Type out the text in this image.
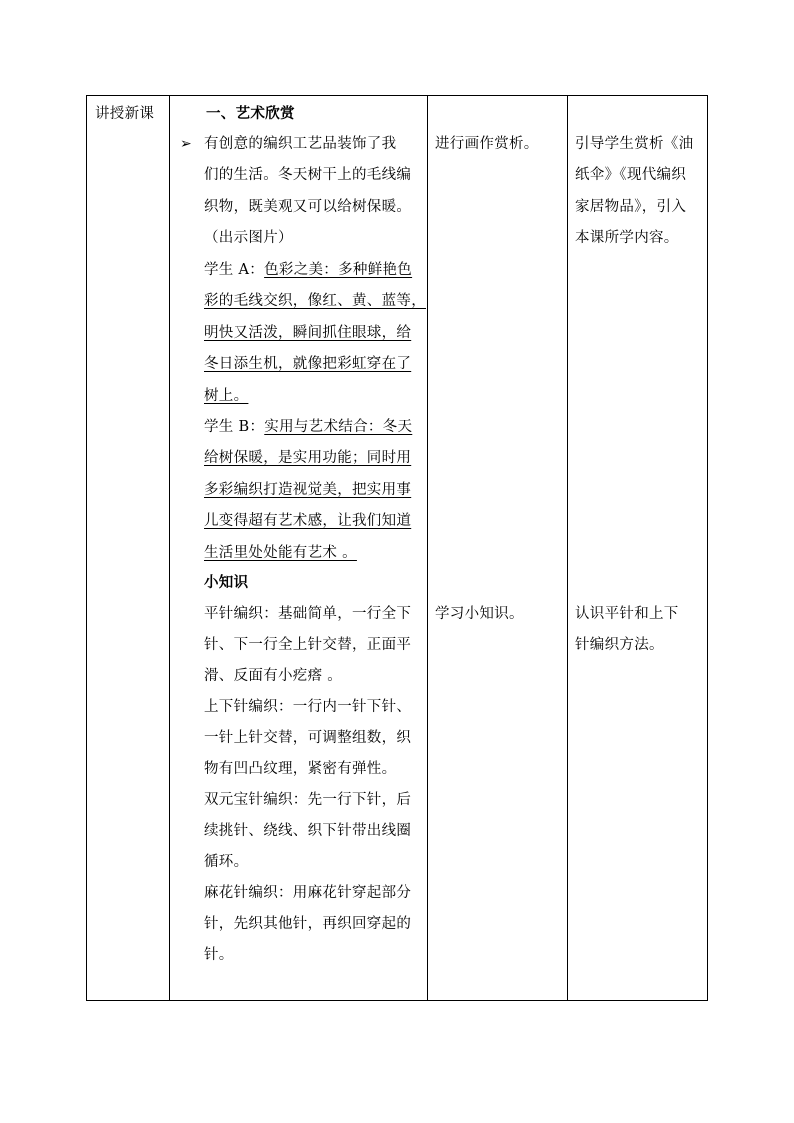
讲授新课	一、艺术欣赏
➢ 有创意的编织工艺品装饰了我
们的生活。冬天树干上的毛线编
织物，既美观又可以给树保暖。
（出示图片）
学生 A：色彩之美：多种鲜艳色
彩的毛线交织，像红、黄、蓝等，
明快又活泼，瞬间抓住眼球，给
冬日添生机，就像把彩虹穿在了
树上。
学生 B：实用与艺术结合：冬天
给树保暖，是实用功能；同时用
多彩编织打造视觉美，把实用事
儿变得超有艺术感，让我们知道
生活里处处能有艺术 。
小知识
平针编织：基础简单，一行全下
针、下一行全上针交替，正面平
滑、反面有小疙瘩 。
上下针编织：一行内一针下针、
一针上针交替，可调整组数，织
物有凹凸纹理，紧密有弹性。
双元宝针编织：先一行下针，后
续挑针、绕线、织下针带出线圈
循环。
麻花针编织：用麻花针穿起部分
针，先织其他针，再织回穿起的
针。
进行画作赏析。
学习小知识。
引导学生赏析《油
纸伞》《现代编织
家居物品》，引入
本课所学内容。
认识平针和上下
针编织方法。
